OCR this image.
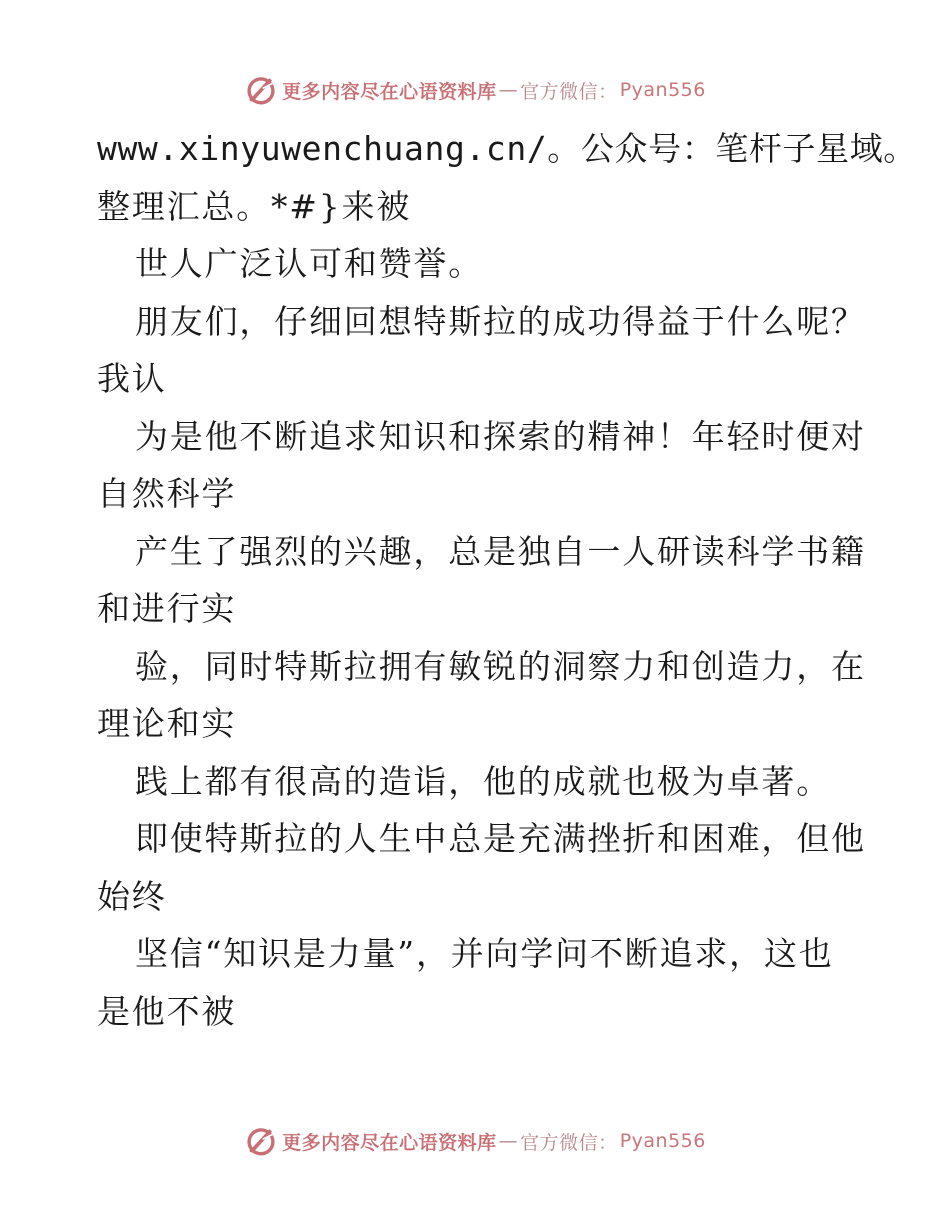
更多内容尽在心语资料库 — 官方微信： Pyan556
www.xinyuwenchuang.cn/。公众号：笔杆子星域。
整理汇总。*#}来被
世人广泛认可和赞誉。
朋友们，仔细回想特斯拉的成功得益于什么呢？
我认
为是他不断追求知识和探索的精神！年轻时便对
自然科学
产生了强烈的兴趣，总是独自一人研读科学书籍
和进行实
验，同时特斯拉拥有敏锐的洞察力和创造力，在
理论和实
践上都有很高的造诣，他的成就也极为卓著。
即使特斯拉的人生中总是充满挫折和困难，但他
始终
坚信“知识是力量”，并向学问不断追求，这也
是他不被
更多内容尽在心语资料库 — 官方微信： Pyan556
